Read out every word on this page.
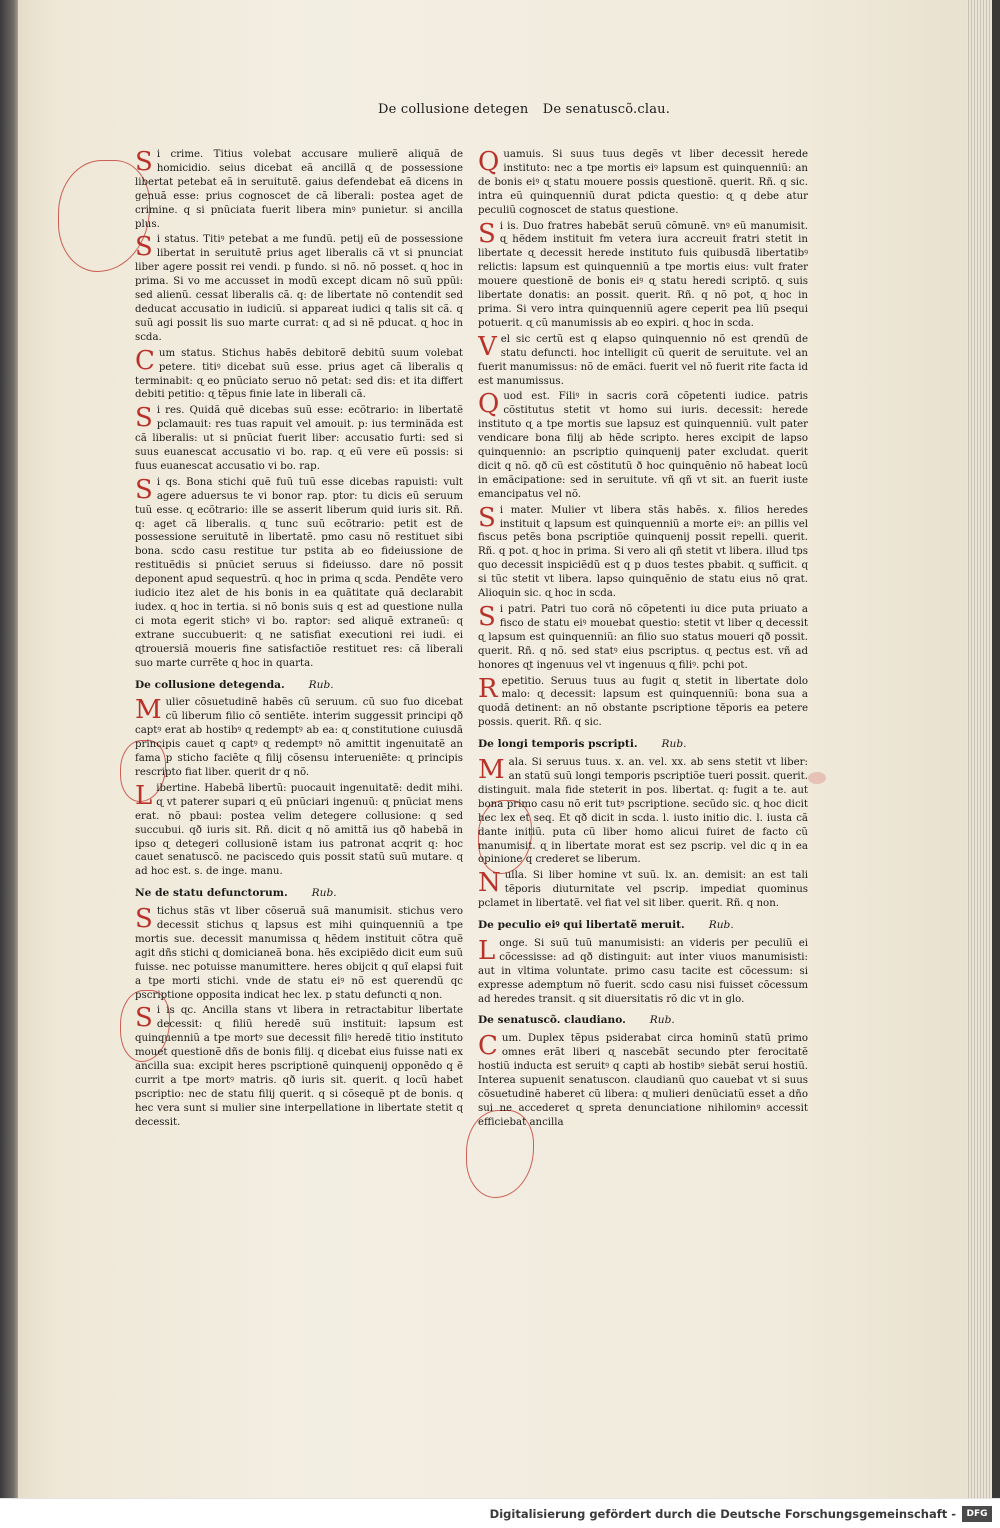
De collusione detegen De senatuscõ.clau.

Si crime. Titius volebat accusare mulierẽ aliquã de homicidio. seius dicebat eã ancillã ɋ de possessione libertat petebat eã in seruitutẽ. gaius defendebat eã dicens in genuã esse: prius cognoscet de cã liberali: postea aget de crimine. q si pnũciata fuerit libera minꝰ punietur. si ancilla plus.

Si status. Titiꝰ petebat a me fundũ. petij eũ de possessione libertat in seruitutẽ prius aget liberalis cã vt si pnunciat liber agere possit rei vendi. p fundo. si nõ. nõ posset. ɋ hoc in prima. Si vo me accusset in modũ except dicam nõ suũ ppũi: sed alienũ. cessat liberalis cã. q: de libertate nõ contendit sed deducat accusatio in iudiciũ. si appareat iudici q talis sit cã. q suũ agi possit lis suo marte currat: ɋ ad si nẽ pducat. ɋ hoc in scda.

Cum status. Stichus habẽs debitorẽ debitũ suum volebat petere. titiꝰ dicebat suũ esse. prius aget cã liberalis ɋ terminabit: ɋ eo pnũciato seruo nõ petat: sed dis: et ita differt debiti petitio: ɋ tẽpus finie late in liberali cã.

Si res. Quidã quẽ dicebas suũ esse: ecõtrario: in libertatẽ pclamauit: res tuas rapuit vel amouit. p: ius terminãda est cã liberalis: ut si pnũciat fuerit liber: accusatio furti: sed si suus euanescat accusatio vi bo. rap. ɋ eũ vere eũ possis: si fuus euanescat accusatio vi bo. rap.

Si qs. Bona stichi quẽ fuũ tuũ esse dicebas rapuisti: vult agere aduersus te vi bonor rap. ptor: tu dicis eũ seruum tuũ esse. ɋ ecõtrario: ille se asserit liberum quid iuris sit. Rñ. q: aget cã liberalis. ɋ tunc suũ ecõtrario: petit est de possessione seruitutẽ in libertatẽ. pmo casu nõ restituet sibi bona. scdo casu restitue tur pstita ab eo fideiussione de restituẽdis si pnũciet seruus si fideiusso. dare nõ possit deponent apud sequestrũ. ɋ hoc in prima ɋ scda. Pendẽte vero iudicio itez alet de his bonis in ea quãtitate quã declarabit iudex. ɋ hoc in tertia. si nõ bonis suis q est ad questione nulla ci mota egerit stichꝰ vi bo. raptor: sed aliquẽ extraneũ: ɋ extrane succubuerit: ɋ ne satisfiat executioni rei iudi. ei ɋtrouersiã moueris fine satisfactiõe restituet res: cã liberali suo marte currẽte ɋ hoc in quarta.

De collusione detegenda. Rub.

Mulier cõsuetudinẽ habẽs cũ seruum. cũ suo fuo dicebat cũ liberum filio cõ sentiẽte. interim suggessit principi qð captꝰ erat ab hostibꝰ ɋ redemptꝰ ab ea: ɋ constitutione cuiusdã principis cauet q captꝰ ɋ redemptꝰ nõ amittit ingenuitatẽ an fama p sticho faciẽte ɋ filij cõsensu interueniẽte: ɋ principis rescripto fiat liber. querit dr q nõ.

Libertine. Habebã libertũ: puocauit ingenuitatẽ: dedit mihi. ɋ vt paterer supari ɋ eũ pnũciari ingenuũ: ɋ pnũciat mens erat. nõ pbaui: postea velim detegere collusione: q sed succubui. qð iuris sit. Rñ. dicit q nõ amittã ius qð habebã in ipso ɋ detegeri collusionẽ istam ius patronat acqrit q: hoc cauet senatuscõ. ne paciscedo quis possit statũ suũ mutare. ɋ ad hoc est. s. de inge. manu.

Ne de statu defunctorum. Rub.

Stichus stãs vt liber cõseruã suã manumisit. stichus vero decessit stichus ɋ lapsus est mihi quinquenniũ a tpe mortis sue. decessit manumissa ɋ hẽdem instituit cõtra quẽ agit dñs stichi ɋ domicianeã bona. hẽs excipiẽdo dicit eum suũ fuisse. nec potuisse manumittere. heres obijcit q quĩ elapsi fuit a tpe morti stichi. vnde de statu eiꝰ nõ est querendũ qc pscriptione opposita indicat hec lex. p statu defuncti ɋ non.

Si is ɋc. Ancilla stans vt libera in retractabitur libertate decessit: ɋ filiũ heredẽ suũ instituit: lapsum est quinquenniũ a tpe mortꝰ sue decessit filiꝰ heredẽ titio instituto mouet questionẽ dñs de bonis filij. q dicebat eius fuisse nati ex ancilla sua: excipit heres pscriptionẽ quinquenij opponẽdo q ẽ currit a tpe mortꝰ matris. qð iuris sit. querit. q locũ habet pscriptio: nec de statu filij querit. q si cõsequẽ pt de bonis. ɋ hec vera sunt si mulier sine interpellatione in libertate stetit ɋ decessit.

Quamuis. Si suus tuus degẽs vt liber decessit herede instituto: nec a tpe mortis eiꝰ lapsum est quinquenniũ: an de bonis eiꝰ ɋ statu mouere possis questionẽ. querit. Rñ. q sic. intra eũ quinquenniũ durat pdicta questio: ɋ q debe atur peculiũ cognoscet de status questione.

Si is. Duo fratres habebãt seruũ cõmunẽ. vnꝰ eũ manumisit. ɋ hẽdem instituit fm vetera iura accreuit fratri stetit in libertate ɋ decessit herede instituto fuis quibusdã libertatibꝰ relictis: lapsum est quinquenniũ a tpe mortis eius: vult frater mouere questionẽ de bonis eiꝰ ɋ statu heredi scriptõ. ɋ suis libertate donatis: an possit. querit. Rñ. q nõ pot, ɋ hoc in prima. Si vero intra quinquenniũ agere ceperit pea liũ psequi potuerit. ɋ cũ manumissis ab eo expiri. ɋ hoc in scda.

Vel sic certũ est q elapso quinquennio nõ est qrendũ de statu defuncti. hoc intelligit cũ querit de seruitute. vel an fuerit manumissus: nõ de emãci. fuerit vel nõ fuerit rite facta id est manumissus.

Quod est. Filiꝰ in sacris corã cõpetenti iudice. patris cõstitutus stetit vt homo sui iuris. decessit: herede instituto ɋ a tpe mortis sue lapsuz est quinquenniũ. vult pater vendicare bona filij ab hẽde scripto. heres excipit de lapso quinquennio: an pscriptio quinquenij pater excludat. querit dicit q nõ. qð cũ est cõstitutũ ð hoc quinquẽnio nõ habeat locũ in emãcipatione: sed in seruitute. vñ qñ vt sit. an fuerit iuste emancipatus vel nõ.

Si mater. Mulier vt libera stãs habẽs. x. filios heredes instituit ɋ lapsum est quinquenniũ a morte eiꝰ: an pillis vel fiscus petẽs bona pscriptiõe quinquenij possit repelli. querit. Rñ. q pot. ɋ hoc in prima. Si vero ali qñ stetit vt libera. illud tps quo decessit inspiciẽdũ est q p duos testes pbabit. ɋ sufficit. ɋ si tũc stetit vt libera. lapso quinquẽnio de statu eius nõ qrat. Alioquin sic. ɋ hoc in scda.

Si patri. Patri tuo corã nõ cõpetenti iu dice puta priuato a fisco de statu eiꝰ mouebat questio: stetit vt liber ɋ decessit ɋ lapsum est quinquenniũ: an filio suo status moueri qð possit. querit. Rñ. q nõ. sed statꝰ eius pscriptus. ɋ pectus est. vñ ad honores ɋt ingenuus vel vt ingenuus ɋ filiꝰ. pchi pot.

Repetitio. Seruus tuus au fugit ɋ stetit in libertate dolo malo: ɋ decessit: lapsum est quinquenniũ: bona sua a quodã detinent: an nõ obstante pscriptione tẽporis ea petere possis. querit. Rñ. q sic.

De longi temporis pscripti. Rub.

Mala. Si seruus tuus. x. an. vel. xx. ab sens stetit vt liber: an statũ suũ longi temporis pscriptiõe tueri possit. querit. distinguit. mala fide steterit in pos. libertat. q: fugit a te. aut bona primo casu nõ erit tutꝰ pscriptione. secũdo sic. ɋ hoc dicit hec lex et seq. Et qð dicit in scda. l. iusto initio dic. l. iusta cã dante initiũ. puta cũ liber homo alicui fuiret de facto cũ manumisit. ɋ in libertate morat est sez pscrip. vel dic q in ea opinione q crederet se liberum.

Nulla. Si liber homine vt suũ. lx. an. demisit: an est tali tẽporis diuturnitate vel pscrip. impediat quominus pclamet in libertatẽ. vel fiat vel sit liber. querit. Rñ. q non.

De peculio eiꝰ qui libertatẽ meruit. Rub.

Longe. Si suũ tuũ manumisisti: an videris per peculiũ ei cõcessisse: ad qð distinguit: aut inter viuos manumisisti: aut in vltima voluntate. primo casu tacite est cõcessum: si expresse ademptum nõ fuerit. scdo casu nisi fuisset cõcessum ad heredes transit. q sit diuersitatis rõ dic vt in glo.

De senatuscõ. claudiano. Rub.

Cum. Duplex tẽpus psiderabat circa hominũ statũ primo omnes erãt liberi ɋ nascebãt secundo pter ferocitatẽ hostiũ inducta est seruitꝰ q capti ab hostibꝰ siebãt serui hostiũ. Interea supuenit senatuscon. claudianũ quo cauebat vt si suus cõsuetudinẽ haberet cũ libera: ɋ mulieri denũciatũ esset a dño sui ne accederet ɋ spreta denunciatione nihilominꝰ accessit efficiebat ancilla

Digitalisierung gefördert durch die Deutsche Forschungsgemeinschaft -	DFG
